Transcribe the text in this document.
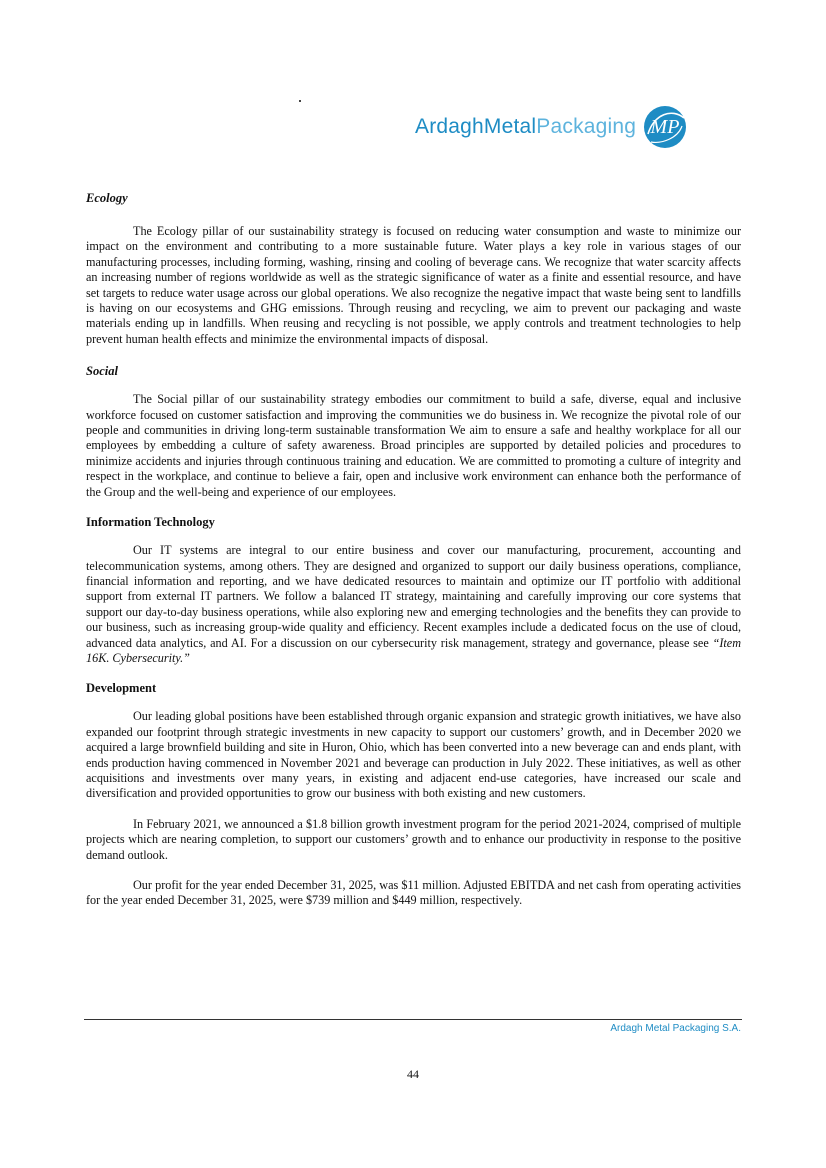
ArdaghMetalPackaging MP

Ecology

The Ecology pillar of our sustainability strategy is focused on reducing water consumption and waste to minimize our impact on the environment and contributing to a more sustainable future. Water plays a key role in various stages of our manufacturing processes, including forming, washing, rinsing and cooling of beverage cans. We recognize that water scarcity affects an increasing number of regions worldwide as well as the strategic significance of water as a finite and essential resource, and have set targets to reduce water usage across our global operations. We also recognize the negative impact that waste being sent to landfills is having on our ecosystems and GHG emissions. Through reusing and recycling, we aim to prevent our packaging and waste materials ending up in landfills. When reusing and recycling is not possible, we apply controls and treatment technologies to help prevent human health effects and minimize the environmental impacts of disposal.

Social

The Social pillar of our sustainability strategy embodies our commitment to build a safe, diverse, equal and inclusive workforce focused on customer satisfaction and improving the communities we do business in. We recognize the pivotal role of our people and communities in driving long-term sustainable transformation We aim to ensure a safe and healthy workplace for all our employees by embedding a culture of safety awareness. Broad principles are supported by detailed policies and procedures to minimize accidents and injuries through continuous training and education. We are committed to promoting a culture of integrity and respect in the workplace, and continue to believe a fair, open and inclusive work environment can enhance both the performance of the Group and the well-being and experience of our employees.

Information Technology

Our IT systems are integral to our entire business and cover our manufacturing, procurement, accounting and telecommunication systems, among others. They are designed and organized to support our daily business operations, compliance, financial information and reporting, and we have dedicated resources to maintain and optimize our IT portfolio with additional support from external IT partners. We follow a balanced IT strategy, maintaining and carefully improving our core systems that support our day-to-day business operations, while also exploring new and emerging technologies and the benefits they can provide to our business, such as increasing group-wide quality and efficiency. Recent examples include a dedicated focus on the use of cloud, advanced data analytics, and AI. For a discussion on our cybersecurity risk management, strategy and governance, please see “Item 16K. Cybersecurity.”

Development

Our leading global positions have been established through organic expansion and strategic growth initiatives, we have also expanded our footprint through strategic investments in new capacity to support our customers’ growth, and in December 2020 we acquired a large brownfield building and site in Huron, Ohio, which has been converted into a new beverage can and ends plant, with ends production having commenced in November 2021 and beverage can production in July 2022. These initiatives, as well as other acquisitions and investments over many years, in existing and adjacent end-use categories, have increased our scale and diversification and provided opportunities to grow our business with both existing and new customers.

In February 2021, we announced a $1.8 billion growth investment program for the period 2021-2024, comprised of multiple projects which are nearing completion, to support our customers’ growth and to enhance our productivity in response to the positive demand outlook.

Our profit for the year ended December 31, 2025, was $11 million. Adjusted EBITDA and net cash from operating activities for the year ended December 31, 2025, were $739 million and $449 million, respectively.

Ardagh Metal Packaging S.A.
44
